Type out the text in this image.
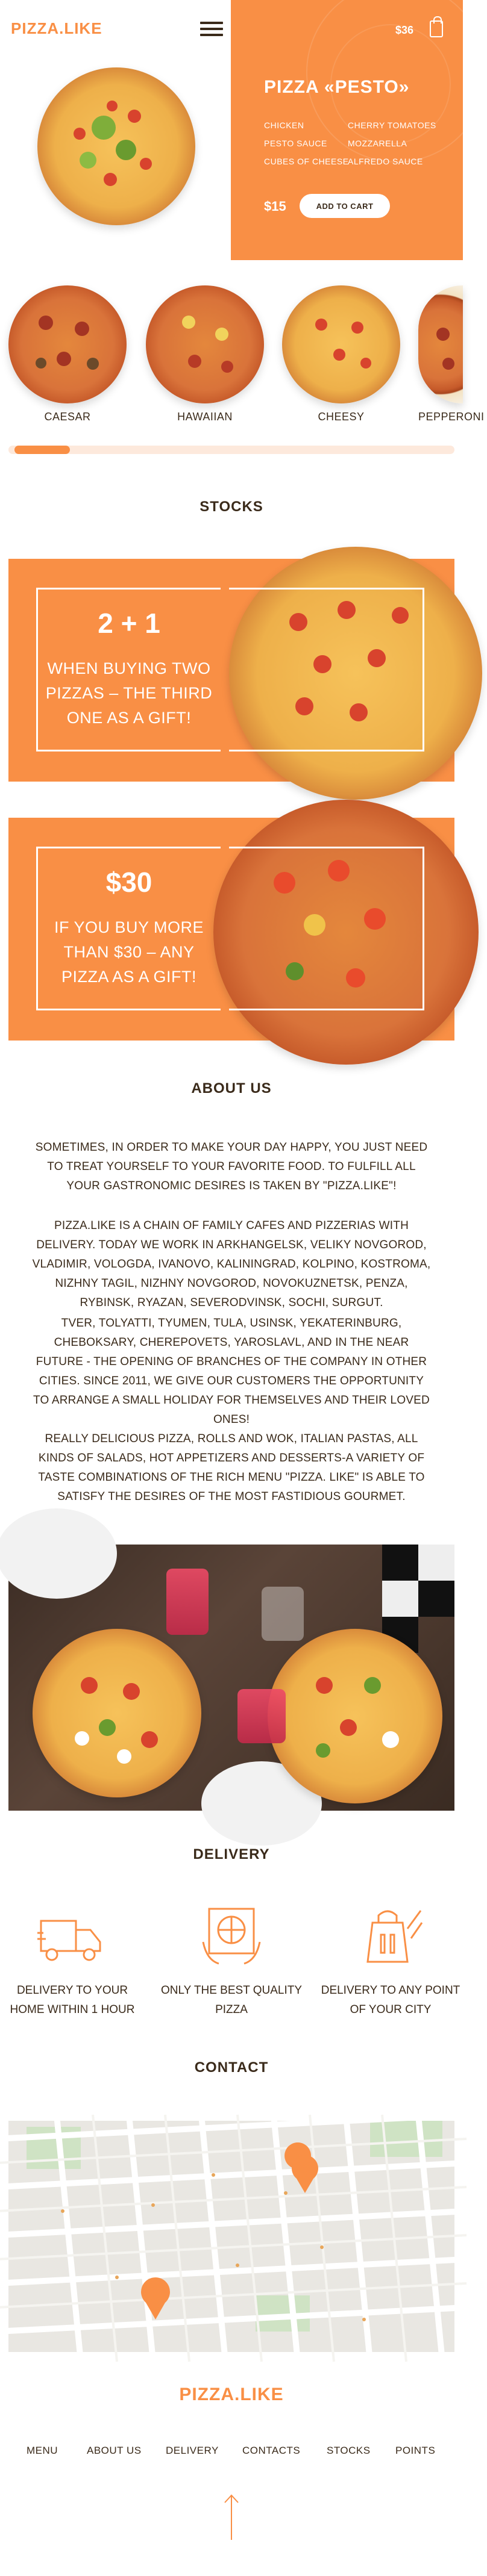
PIZZA.LIKE	$36
PIZZA «PESTO»
CHICKEN	CHERRY TOMATOES
PESTO SAUCE MOZZARELLA
CUBES OF CHEESE
ALFREDO SAUCE
$15	ADD TO CART
CAESAR	HAWAIIAN	CHEESY	PEPPERONI
STOCKS
2 + 1
WHEN BUYING TWO PIZZAS – THE THIRD ONE AS A GIFT!
$30
IF YOU BUY MORE THAN $30 – ANY PIZZA AS A GIFT!
ABOUT US
SOMETIMES, IN ORDER TO MAKE YOUR DAY HAPPY, YOU JUST NEED TO TREAT YOURSELF TO YOUR FAVORITE FOOD. TO FULFILL ALL YOUR GASTRONOMIC DESIRES IS TAKEN BY "PIZZA.LIKE"!
PIZZA.LIKE IS A CHAIN OF FAMILY CAFES AND PIZZERIAS WITH DELIVERY. TODAY WE WORK IN ARKHANGELSK, VELIKY NOVGOROD, VLADIMIR, VOLOGDA, IVANOVO, KALININGRAD, KOLPINO, KOSTROMA, NIZHNY TAGIL, NIZHNY NOVGOROD, NOVOKUZNETSK, PENZA, RYBINSK, RYAZAN, SEVERODVINSK, SOCHI, SURGUT.
TVER, TOLYATTI, TYUMEN, TULA, USINSK, YEKATERINBURG, CHEBOKSARY, CHEREPOVETS, YAROSLAVL, AND IN THE NEAR FUTURE - THE OPENING OF BRANCHES OF THE COMPANY IN OTHER CITIES. SINCE 2011, WE GIVE OUR CUSTOMERS THE OPPORTUNITY TO ARRANGE A SMALL HOLIDAY FOR THEMSELVES AND THEIR LOVED ONES!
REALLY DELICIOUS PIZZA, ROLLS AND WOK, ITALIAN PASTAS, ALL KINDS OF SALADS, HOT APPETIZERS AND DESSERTS-A VARIETY OF TASTE COMBINATIONS OF THE RICH MENU "PIZZA. LIKE" IS ABLE TO SATISFY THE DESIRES OF THE MOST FASTIDIOUS GOURMET.
DELIVERY
DELIVERY TO YOUR HOME WITHIN 1 HOUR
ONLY THE BEST QUALITY PIZZA
DELIVERY TO ANY POINT OF YOUR CITY
CONTACT
PIZZA.LIKE
MENU	ABOUT US DELIVERY CONTACTS	STOCKS POINTS
